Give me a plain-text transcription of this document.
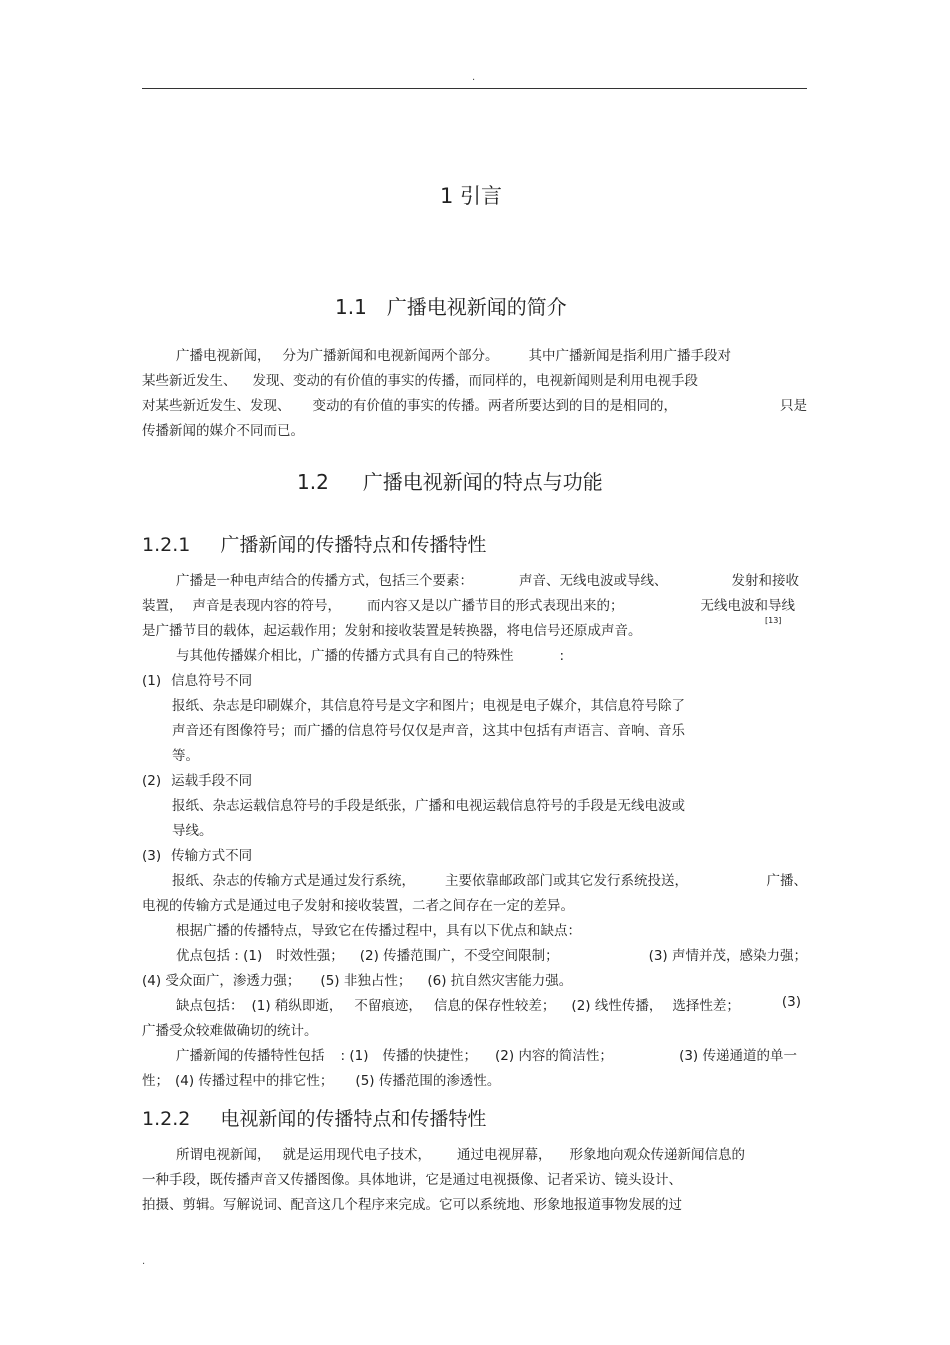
.
1 引言
1.1 广播电视新闻的简介
广播电视新闻， 分为广播新闻和电视新闻两个部分。 其中广播新闻是指利用广播手段对
某些新近发生、 发现、变动的有价值的事实的传播，而同样的，电视新闻则是利用电视手段
对某些新近发生、发现、 变动的有价值的事实的传播。两者所要达到的目的是相同的，	只是
传播新闻的媒介不同而已。
1.2 广播电视新闻的特点与功能
1.2.1 广播新闻的传播特点和传播特性
广播是一种电声结合的传播方式，包括三个要素：	声音、无线电波或导线、	发射和接收
装置， 声音是表现内容的符号， 而内容又是以广播节目的形式表现出来的；	无线电波和导线
是广播节目的载体，起运载作用；发射和接收装置是转换器，将电信号还原成声音。
[13]
与其他传播媒介相比，广播的传播方式具有自己的特殊性	:
(1) 信息符号不同
报纸、杂志是印刷媒介，其信息符号是文字和图片；电视是电子媒介，其信息符号除了
声音还有图像符号；而广播的信息符号仅仅是声音，这其中包括有声语言、音响、音乐
等。
(2) 运载手段不同
报纸、杂志运载信息符号的手段是纸张，广播和电视运载信息符号的手段是无线电波或
导线。
(3) 传输方式不同
报纸、杂志的传输方式是通过发行系统， 主要依靠邮政部门或其它发行系统投送，	广播、
电视的传输方式是通过电子发射和接收装置，二者之间存在一定的差异。
根据广播的传播特点，导致它在传播过程中，具有以下优点和缺点：
优点包括 : (1) 时效性强； (2) 传播范围广，不受空间限制；	(3) 声情并茂，感染力强；
(4) 受众面广，渗透力强； (5) 非独占性； (6) 抗自然灾害能力强。
缺点包括： (1) 稍纵即逝， 不留痕迹， 信息的保存性较差； (2) 线性传播， 选择性差；	(3)
广播受众较难做确切的统计。
广播新闻的传播特性包括 : (1) 传播的快捷性； (2) 内容的简洁性；	(3) 传递通道的单一
性； (4) 传播过程中的排它性； (5) 传播范围的渗透性。
1.2.2 电视新闻的传播特点和传播特性
所谓电视新闻， 就是运用现代电子技术， 通过电视屏幕， 形象地向观众传递新闻信息的
一种手段，既传播声音又传播图像。具体地讲，它是通过电视摄像、记者采访、镜头设计、
拍摄、剪辑。写解说词、配音这几个程序来完成。它可以系统地、形象地报道事物发展的过
.
